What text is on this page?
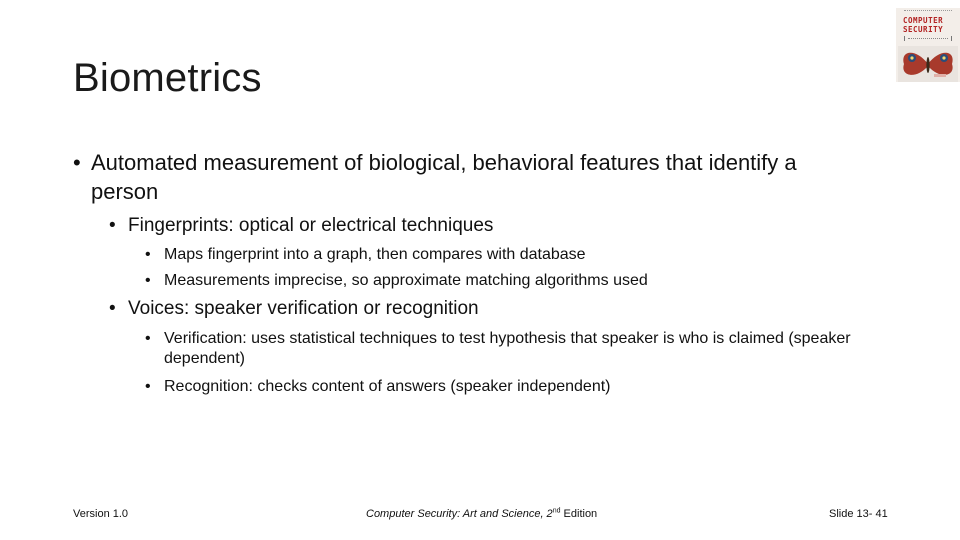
Biometrics
COMPUTER
SECURITY
• Automated measurement of biological, behavioral features that identify a person
• Fingerprints: optical or electrical techniques
• Maps fingerprint into a graph, then compares with database
• Measurements imprecise, so approximate matching algorithms used
• Voices: speaker verification or recognition
• Verification: uses statistical techniques to test hypothesis that speaker is who is claimed (speaker dependent)
• Recognition: checks content of answers (speaker independent)
Version 1.0	Computer Security: Art and Science, 2nd Edition	Slide 13- 41
